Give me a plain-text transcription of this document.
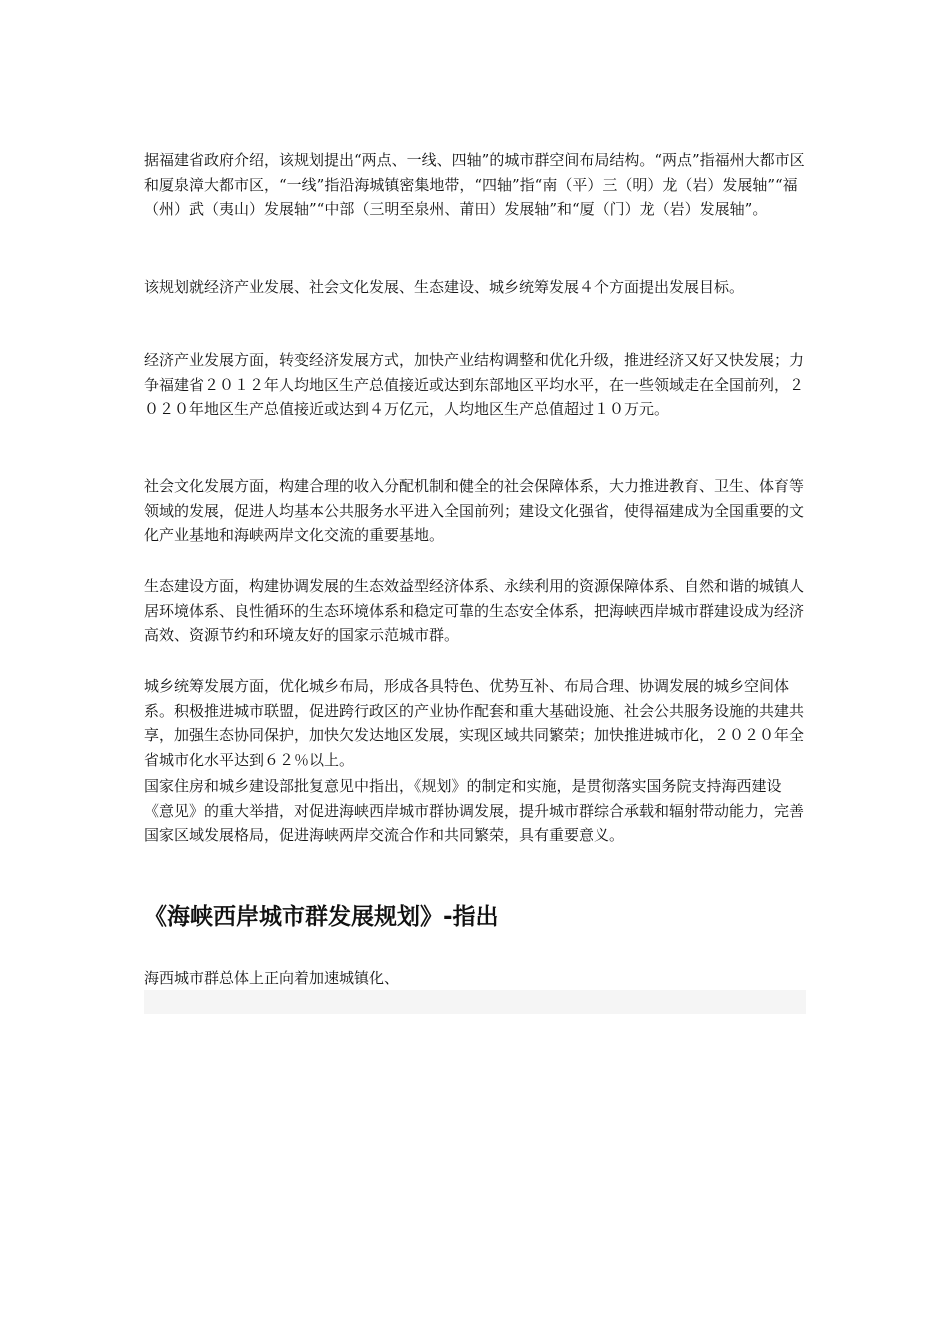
据福建省政府介绍，该规划提出“两点、一线、四轴”的城市群空间布局结构。“两点”指福州大都市区和厦泉漳大都市区，“一线”指沿海城镇密集地带，“四轴”指“南（平）三（明）龙（岩）发展轴”“福（州）武（夷山）发展轴”“中部（三明至泉州、莆田）发展轴”和“厦（门）龙（岩）发展轴”。

该规划就经济产业发展、社会文化发展、生态建设、城乡统筹发展４个方面提出发展目标。

经济产业发展方面，转变经济发展方式，加快产业结构调整和优化升级，推进经济又好又快发展；力争福建省２０１２年人均地区生产总值接近或达到东部地区平均水平，在一些领域走在全国前列，２０２０年地区生产总值接近或达到４万亿元，人均地区生产总值超过１０万元。

社会文化发展方面，构建合理的收入分配机制和健全的社会保障体系，大力推进教育、卫生、体育等领域的发展，促进人均基本公共服务水平进入全国前列；建设文化强省，使得福建成为全国重要的文化产业基地和海峡两岸文化交流的重要基地。

生态建设方面，构建协调发展的生态效益型经济体系、永续利用的资源保障体系、自然和谐的城镇人居环境体系、良性循环的生态环境体系和稳定可靠的生态安全体系，把海峡西岸城市群建设成为经济高效、资源节约和环境友好的国家示范城市群。

城乡统筹发展方面，优化城乡布局，形成各具特色、优势互补、布局合理、协调发展的城乡空间体系。积极推进城市联盟，促进跨行政区的产业协作配套和重大基础设施、社会公共服务设施的共建共享，加强生态协同保护，加快欠发达地区发展，实现区域共同繁荣；加快推进城市化，２０２０年全省城市化水平达到６２％以上。

国家住房和城乡建设部批复意见中指出，《规划》的制定和实施，是贯彻落实国务院支持海西建设《意见》的重大举措，对促进海峡西岸城市群协调发展，提升城市群综合承载和辐射带动能力，完善国家区域发展格局，促进海峡两岸交流合作和共同繁荣，具有重要意义。

《海峡西岸城市群发展规划》-指出

海西城市群总体上正向着加速城镇化、
